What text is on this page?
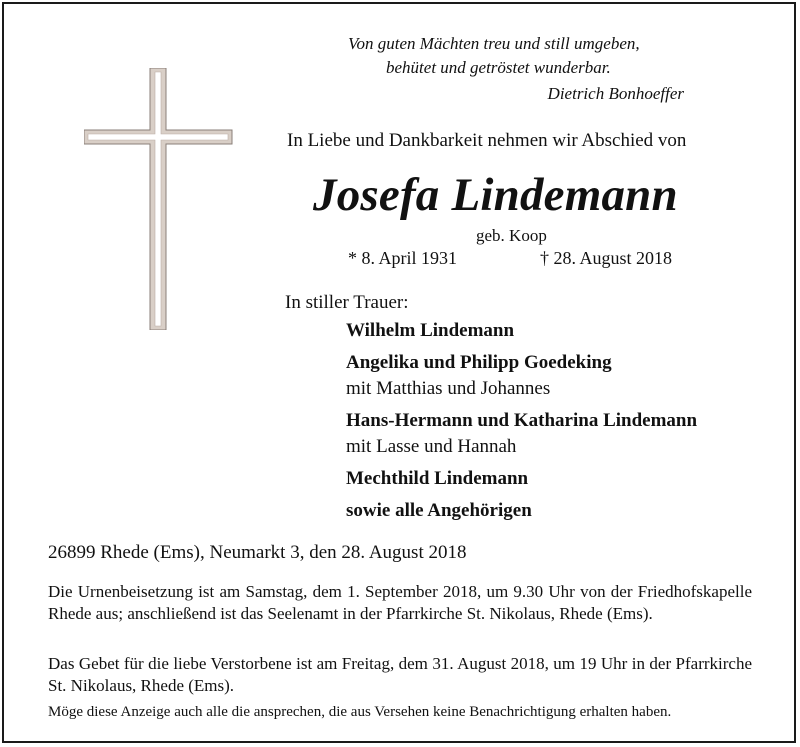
Von guten Mächten treu und still umgeben,
behütet und getröstet wunderbar.
Dietrich Bonhoeffer
In Liebe und Dankbarkeit nehmen wir Abschied von
Josefa Lindemann
geb. Koop
* 8. April 1931	† 28. August 2018
In stiller Trauer:
Wilhelm Lindemann
Angelika und Philipp Goedeking
mit Matthias und Johannes
Hans-Hermann und Katharina Lindemann
mit Lasse und Hannah
Mechthild Lindemann
sowie alle Angehörigen
26899 Rhede (Ems), Neumarkt 3, den 28. August 2018
Die Urnenbeisetzung ist am Samstag, dem 1. September 2018, um 9.30 Uhr von der Friedhofskapelle Rhede aus; anschließend ist das Seelenamt in der Pfarrkirche St. Nikolaus, Rhede (Ems).
Das Gebet für die liebe Verstorbene ist am Freitag, dem 31. August 2018, um 19 Uhr in der Pfarrkirche St. Nikolaus, Rhede (Ems).
Möge diese Anzeige auch alle die ansprechen, die aus Versehen keine Benachrichtigung erhalten haben.
